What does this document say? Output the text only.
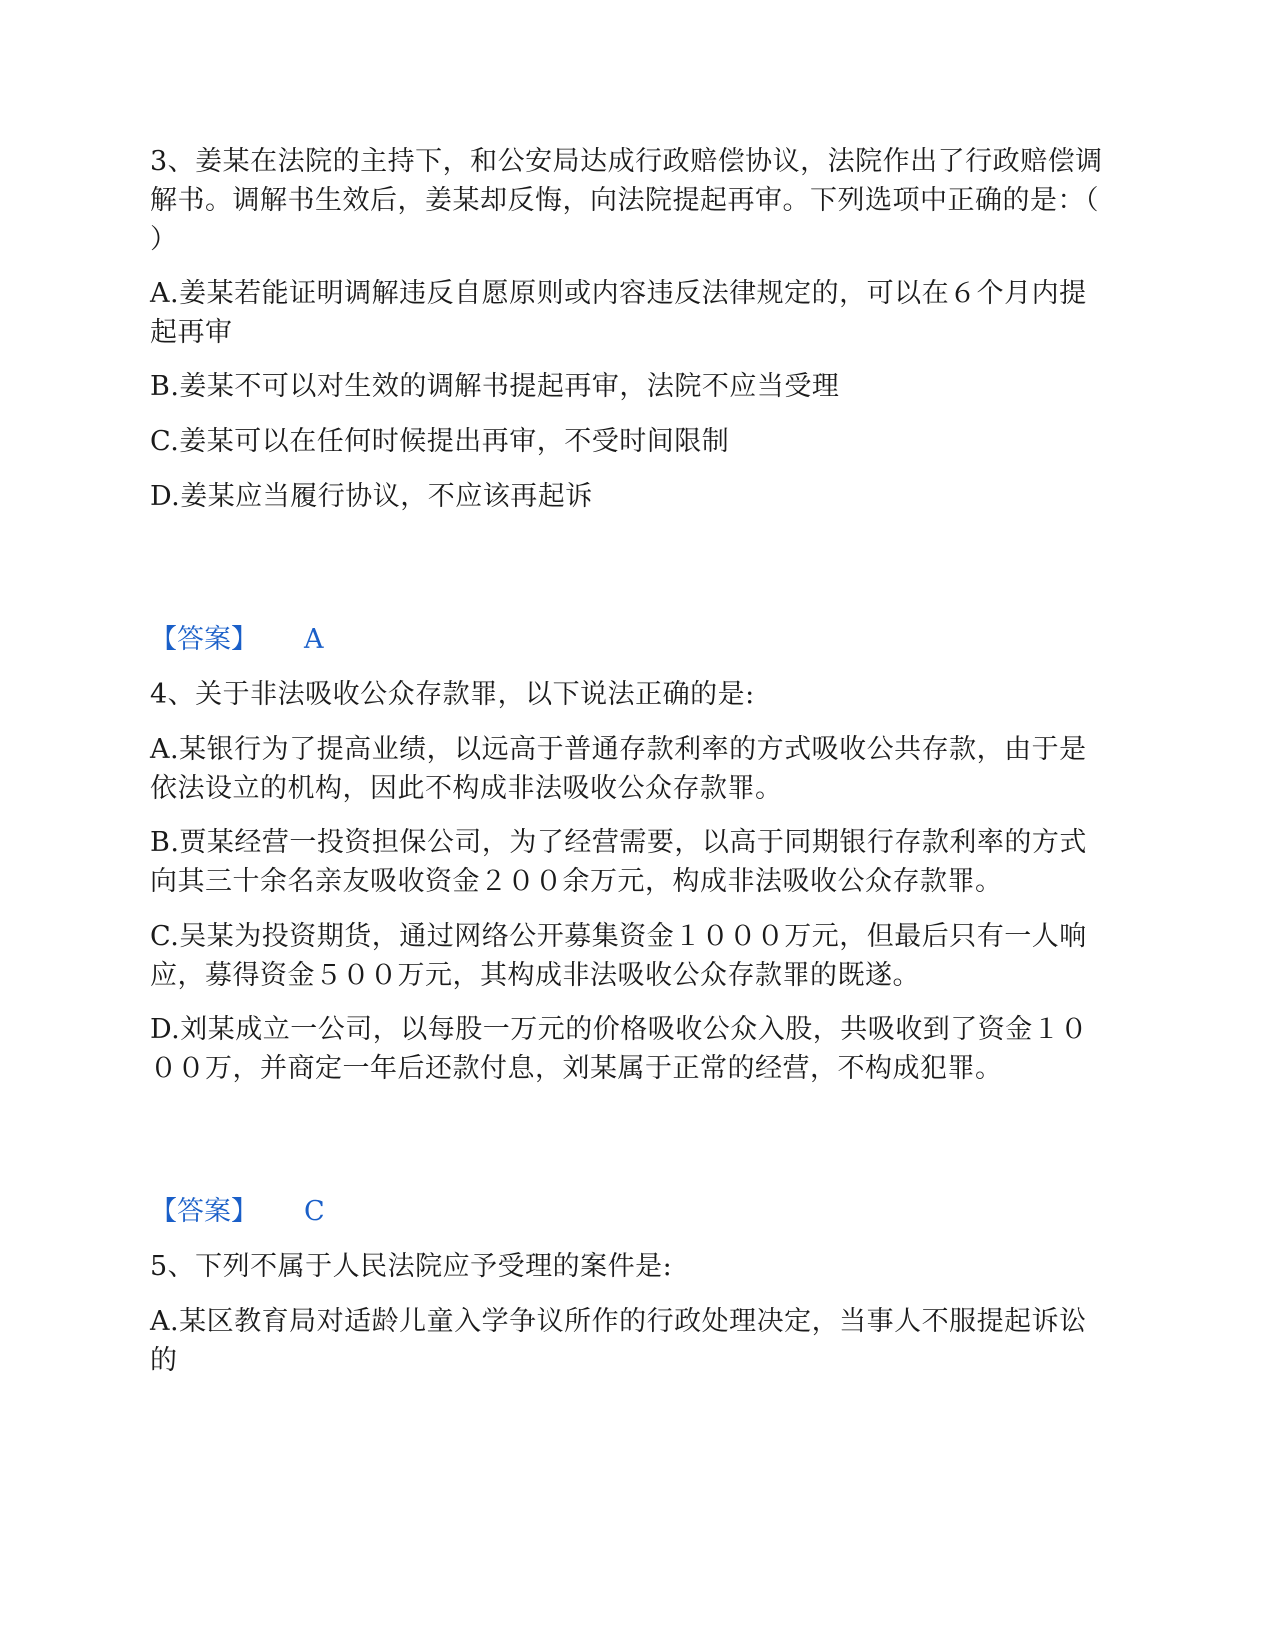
3、姜某在法院的主持下，和公安局达成行政赔偿协议，法院作出了行政赔偿调解书。调解书生效后，姜某却反悔，向法院提起再审。下列选项中正确的是：（ ）
A.姜某若能证明调解违反自愿原则或内容违反法律规定的，可以在６个月内提起再审
B.姜某不可以对生效的调解书提起再审，法院不应当受理
C.姜某可以在任何时候提出再审，不受时间限制
D.姜某应当履行协议，不应该再起诉
【答案】 A
4、关于非法吸收公众存款罪，以下说法正确的是:
A.某银行为了提高业绩，以远高于普通存款利率的方式吸收公共存款，由于是依法设立的机构，因此不构成非法吸收公众存款罪。
B.贾某经营一投资担保公司，为了经营需要，以高于同期银行存款利率的方式向其三十余名亲友吸收资金２００余万元，构成非法吸收公众存款罪。
C.吴某为投资期货，通过网络公开募集资金１０００万元，但最后只有一人响应，募得资金５００万元，其构成非法吸收公众存款罪的既遂。
D.刘某成立一公司，以每股一万元的价格吸收公众入股，共吸收到了资金１０００万，并商定一年后还款付息，刘某属于正常的经营，不构成犯罪。
【答案】 C
5、下列不属于人民法院应予受理的案件是:
A.某区教育局对适龄儿童入学争议所作的行政处理决定，当事人不服提起诉讼的
